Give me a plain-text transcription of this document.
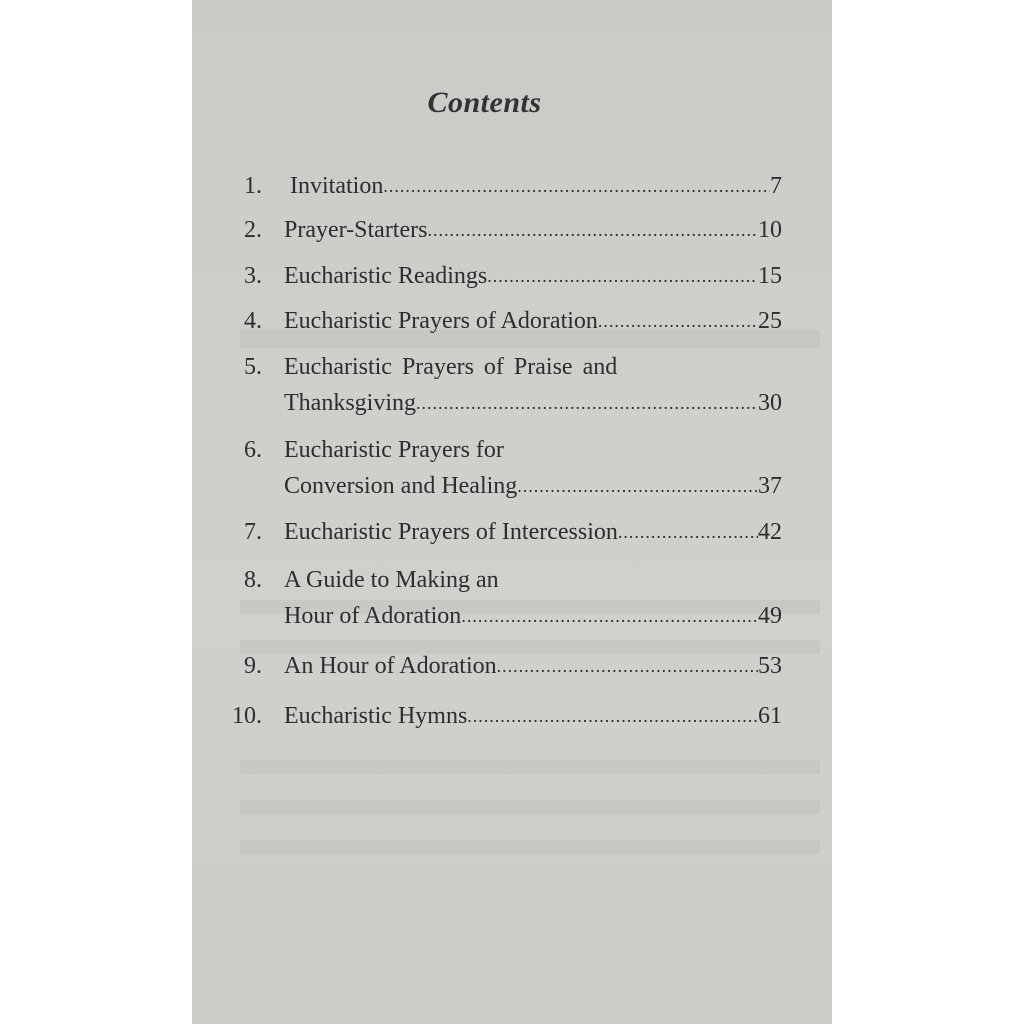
Contents
1. Invitation .....	7
2. Prayer-Starters .....	10
3. Eucharistic Readings .....	15
4. Eucharistic Prayers of Adoration .....	25
5. Eucharistic Prayers of Praise and
Thanksgiving .....	30
6. Eucharistic Prayers for
Conversion and Healing .....	37
7. Eucharistic Prayers of Intercession .....	42
8. A Guide to Making an
Hour of Adoration .....	49
9. An Hour of Adoration .....	53
10. Eucharistic Hymns .....	61
